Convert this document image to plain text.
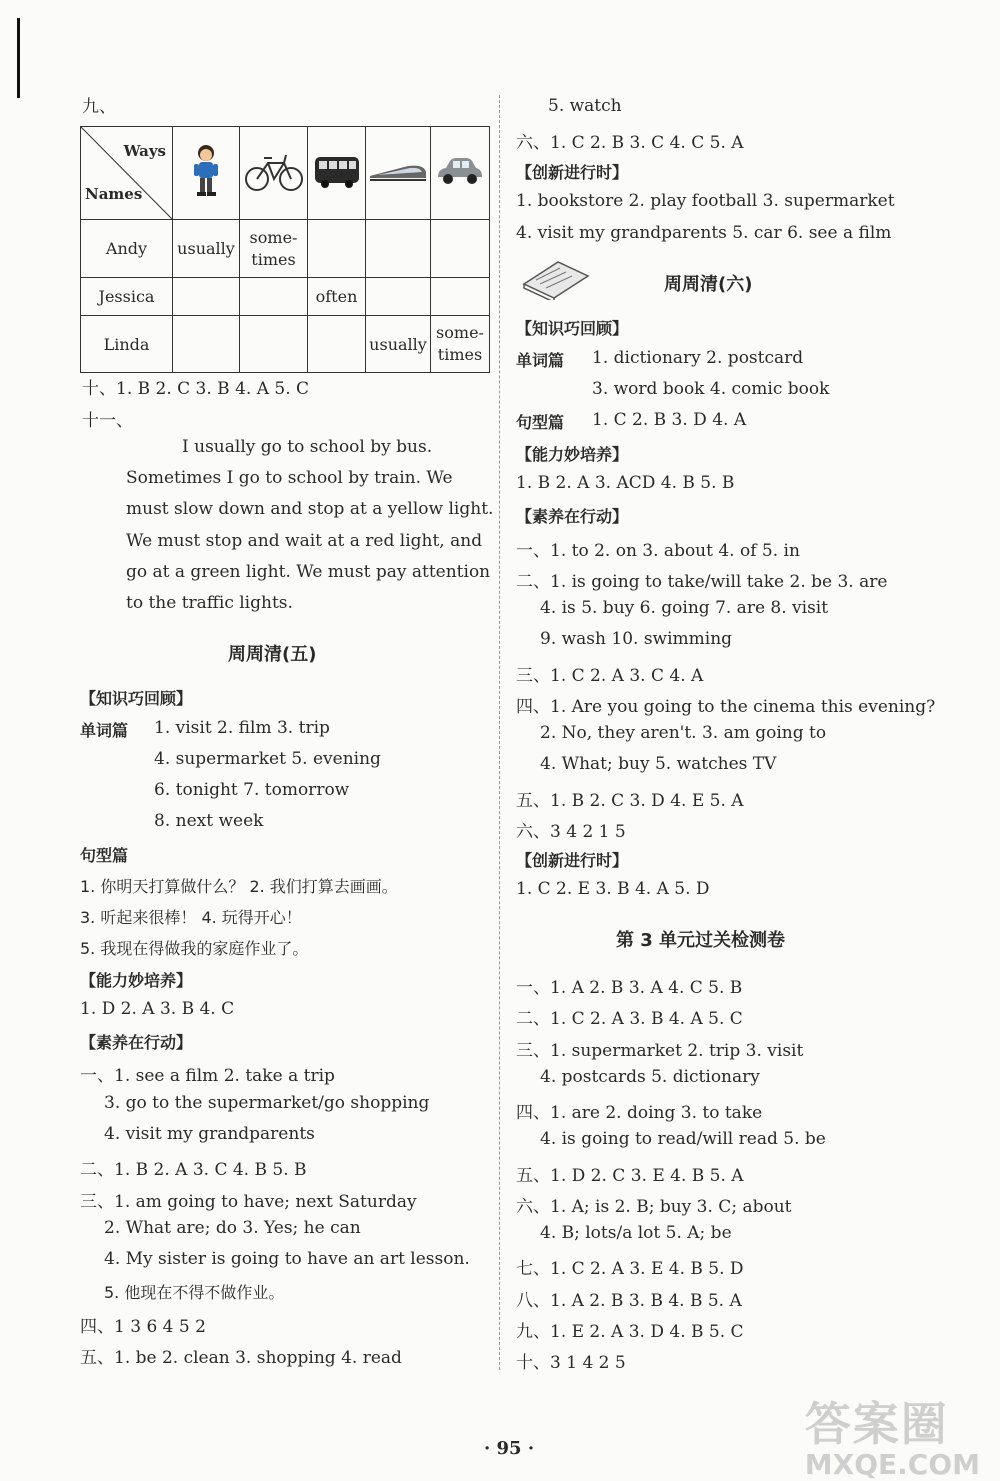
九、
Ways
Names

Andy	usually	some-
times			
Jessica			often		
Linda				usually	some-
times
十、1. B 2. C 3. B 4. A 5. C
十一、
I usually go to school by bus.
Sometimes I go to school by train. We
must slow down and stop at a yellow light.
We must stop and wait at a red light, and
go at a green light. We must pay attention
to the traffic lights.
周周清(五)
【知识巧回顾】
单词篇 1. visit 2. film 3. trip
4. supermarket 5. evening
6. tonight 7. tomorrow
8. next week
句型篇
1. 你明天打算做什么？ 2. 我们打算去画画。
3. 听起来很棒！ 4. 玩得开心！
5. 我现在得做我的家庭作业了。
【能力妙培养】
1. D 2. A 3. B 4. C
【素养在行动】
一、1. see a film 2. take a trip
3. go to the supermarket/go shopping
4. visit my grandparents
二、1. B 2. A 3. C 4. B 5. B
三、1. am going to have; next Saturday
2. What are; do 3. Yes; he can
4. My sister is going to have an art lesson.
5. 他现在不得不做作业。
四、1 3 6 4 5 2
五、1. be 2. clean 3. shopping 4. read
5. watch
六、1. C 2. B 3. C 4. C 5. A
【创新进行时】
1. bookstore 2. play football 3. supermarket
4. visit my grandparents 5. car 6. see a film
周周清(六)
【知识巧回顾】
单词篇 1. dictionary 2. postcard
3. word book 4. comic book
句型篇 1. C 2. B 3. D 4. A
【能力妙培养】
1. B 2. A 3. ACD 4. B 5. B
【素养在行动】
一、1. to 2. on 3. about 4. of 5. in
二、1. is going to take/will take 2. be 3. are
4. is 5. buy 6. going 7. are 8. visit
9. wash 10. swimming
三、1. C 2. A 3. C 4. A
四、1. Are you going to the cinema this evening?
2. No, they aren't. 3. am going to
4. What; buy 5. watches TV
五、1. B 2. C 3. D 4. E 5. A
六、3 4 2 1 5
【创新进行时】
1. C 2. E 3. B 4. A 5. D
第 3 单元过关检测卷
一、1. A 2. B 3. A 4. C 5. B
二、1. C 2. A 3. B 4. A 5. C
三、1. supermarket 2. trip 3. visit
4. postcards 5. dictionary
四、1. are 2. doing 3. to take
4. is going to read/will read 5. be
五、1. D 2. C 3. E 4. B 5. A
六、1. A; is 2. B; buy 3. C; about
4. B; lots/a lot 5. A; be
七、1. C 2. A 3. E 4. B 5. D
八、1. A 2. B 3. B 4. B 5. A
九、1. E 2. A 3. D 4. B 5. C
十、3 1 4 2 5
· 95 ·	答案圈
MXQE.COM
